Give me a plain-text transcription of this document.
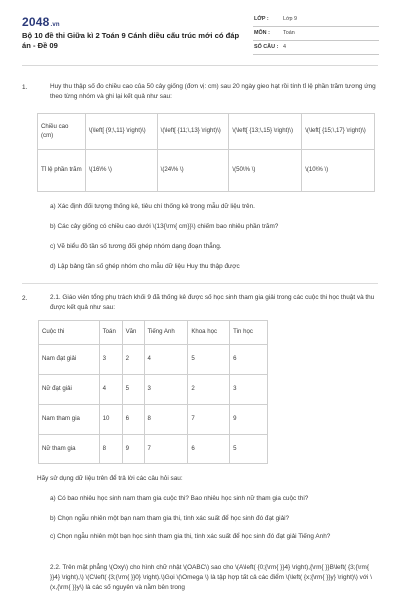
2048.vn
Bộ 10 đề thi Giữa kì 2 Toán 9 Cánh diều cấu trúc mới có đáp án - Đề 09
LỚP :	Lớp 9
MÔN : Toán
SỐ CÂU : 4
1.	Huy thu thập số đo chiều cao của 50 cây giống (đơn vị: cm) sau 20 ngày gieo hạt rồi tính tỉ lệ phần trăm tương ứng theo từng nhóm và ghi lại kết quả như sau:
Chiều cao (cm)	\(\left[ {9;\,11} \right)\)	\(\left[ {11;\,13} \right)\)	\(\left[ {13;\,15} \right)\)	\(\left[ {15;\,17} \right)\)
Tỉ lệ phần trăm	\(16\% \)	\(24\% \)	\(50\% \)	\(10\% \)
a) Xác định đối tượng thống kê, tiêu chí thống kê trong mẫu dữ liệu trên.
b) Các cây giống có chiều cao dưới \(13{\rm{ cm}}\) chiếm bao nhiêu phần trăm?
c) Vẽ biểu đồ tần số tương đối ghép nhóm dạng đoạn thẳng.
d) Lập bảng tần số ghép nhóm cho mẫu dữ liệu Huy thu thập được
2.	2.1. Giáo viên tổng phụ trách khối 9 đã thống kê được số học sinh tham gia giải trong các cuộc thi học thuật và thu được kết quả như sau:
Cuộc thi	Toán	Văn	Tiếng Anh	Khoa học	Tin học
Nam đạt giải	3	2	4	5	6
Nữ đạt giải	4	5	3	2	3
Nam tham gia	10	6	8	7	9
Nữ tham gia	8	9	7	6	5
Hãy sử dụng dữ liệu trên để trả lời các câu hỏi sau:
a) Có bao nhiêu học sinh nam tham gia cuộc thi? Bao nhiêu học sinh nữ tham gia cuộc thi?
b) Chọn ngẫu nhiên một bạn nam tham gia thi, tính xác suất để học sinh đó đạt giải?
c) Chọn ngẫu nhiên một bạn học sinh tham gia thi, tính xác suất để học sinh đó đạt giải Tiếng Anh?
2.2. Trên mặt phẳng \(Oxy\) cho hình chữ nhật \(OABC\) sao cho \(A\left( {0;{\rm{ }}4} \right),{\rm{ }}B\left( {3;{\rm{ }}4} \right),\) \(C\left( {3;{\rm{ }}0} \right).\)Gọi \(\Omega \) là tập hợp tất cả các điểm \(\left( {x;{\rm{ }}y} \right)\) với \(x,{\rm{ }}y\) là các số nguyên và nằm bên trong
